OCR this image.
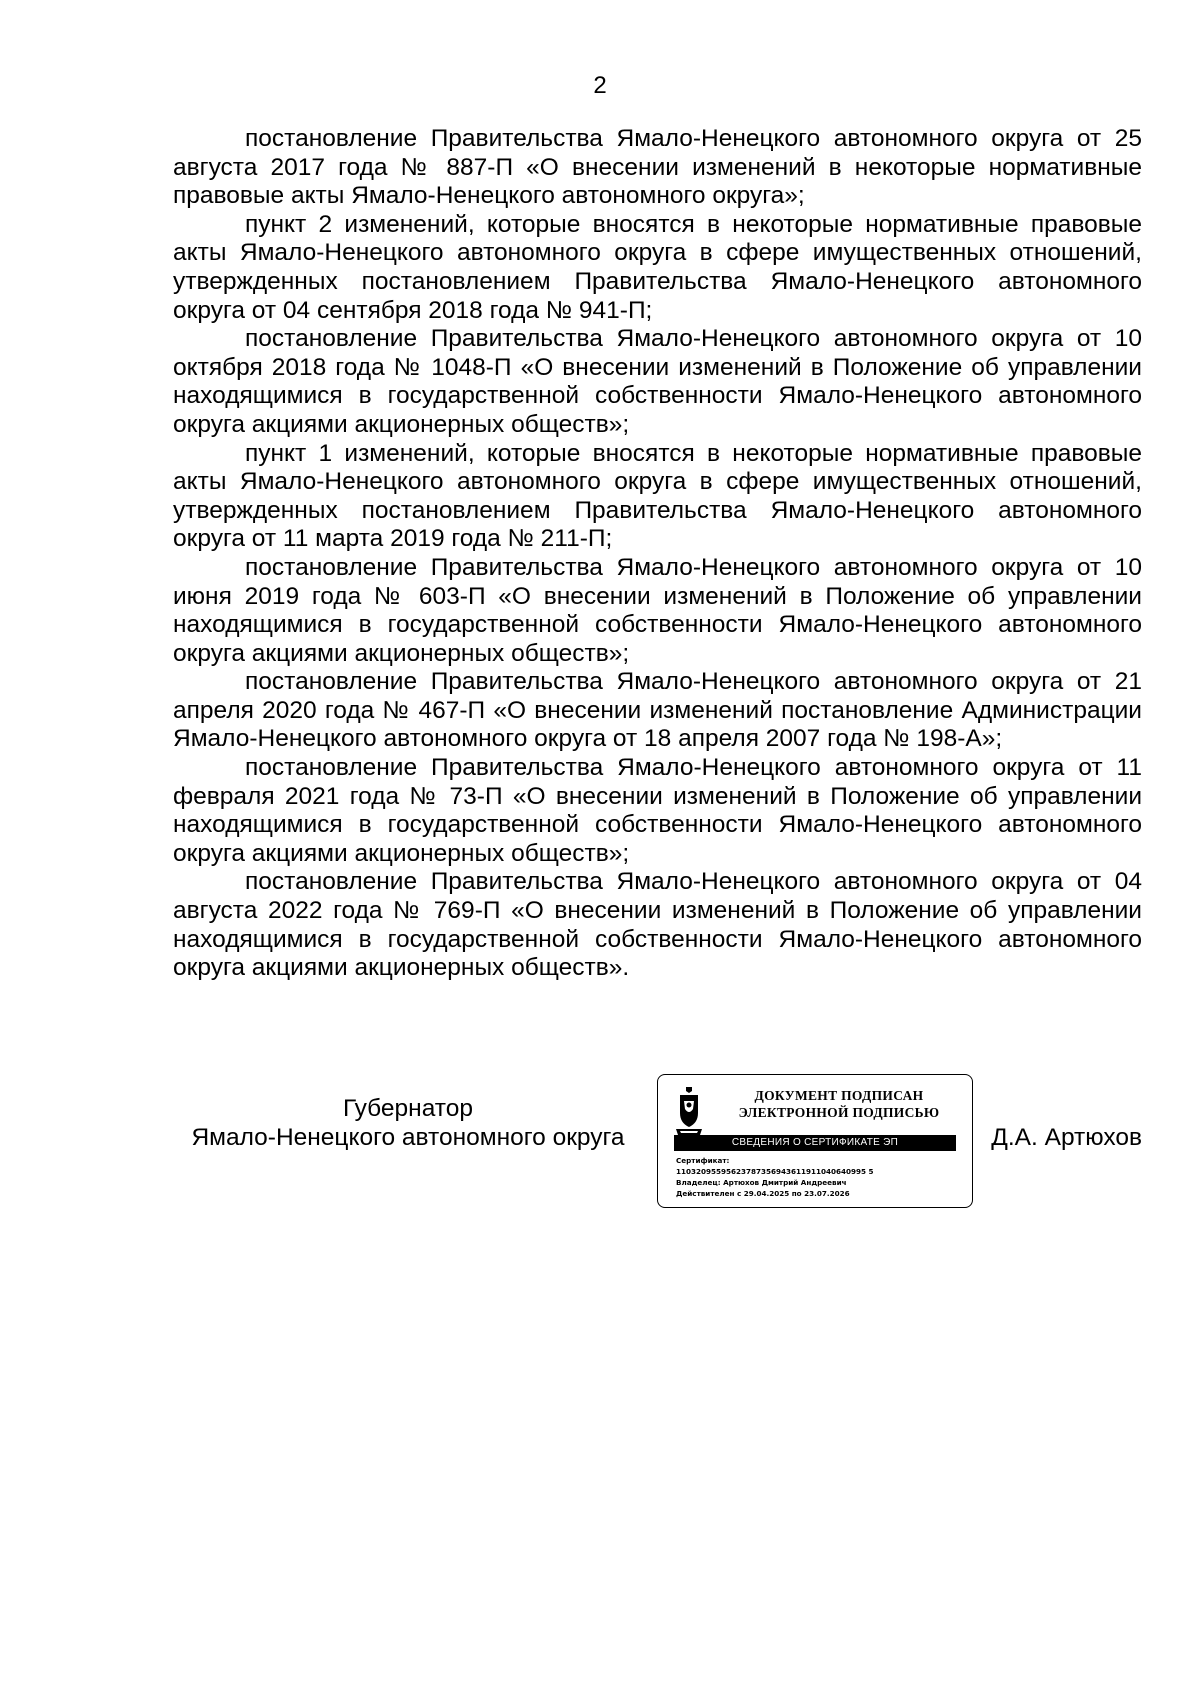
2

постановление Правительства Ямало-Ненецкого автономного округа от 25 августа 2017 года № 887-П «О внесении изменений в некоторые нормативные правовые акты Ямало-Ненецкого автономного округа»;

пункт 2 изменений, которые вносятся в некоторые нормативные правовые акты Ямало-Ненецкого автономного округа в сфере имущественных отношений, утвержденных постановлением Правительства Ямало-Ненецкого автономного округа от 04 сентября 2018 года № 941-П;

постановление Правительства Ямало-Ненецкого автономного округа от 10 октября 2018 года № 1048-П «О внесении изменений в Положение об управлении находящимися в государственной собственности Ямало-Ненецкого автономного округа акциями акционерных обществ»;

пункт 1 изменений, которые вносятся в некоторые нормативные правовые акты Ямало-Ненецкого автономного округа в сфере имущественных отношений, утвержденных постановлением Правительства Ямало-Ненецкого автономного округа от 11 марта 2019 года № 211-П;

постановление Правительства Ямало-Ненецкого автономного округа от 10 июня 2019 года № 603-П «О внесении изменений в Положение об управлении находящимися в государственной собственности Ямало-Ненецкого автономного округа акциями акционерных обществ»;

постановление Правительства Ямало-Ненецкого автономного округа от 21 апреля 2020 года № 467-П «О внесении изменений постановление Администрации Ямало-Ненецкого автономного округа от 18 апреля 2007 года № 198-А»;

постановление Правительства Ямало-Ненецкого автономного округа от 11 февраля 2021 года № 73-П «О внесении изменений в Положение об управлении находящимися в государственной собственности Ямало-Ненецкого автономного округа акциями акционерных обществ»;

постановление Правительства Ямало-Ненецкого автономного округа от 04 августа 2022 года № 769-П «О внесении изменений в Положение об управлении находящимися в государственной собственности Ямало-Ненецкого автономного округа акциями акционерных обществ».

Губернатор
Ямало-Ненецкого автономного округа
ДОКУМЕНТ ПОДПИСАН
ЭЛЕКТРОННОЙ ПОДПИСЬЮ
СВЕДЕНИЯ О СЕРТИФИКАТЕ ЭП
Сертификат:
11032095595623787356943611911040640995 5
Владелец: Артюхов Дмитрий Андреевич
Действителен с 29.04.2025 по 23.07.2026
Д.А. Артюхов
